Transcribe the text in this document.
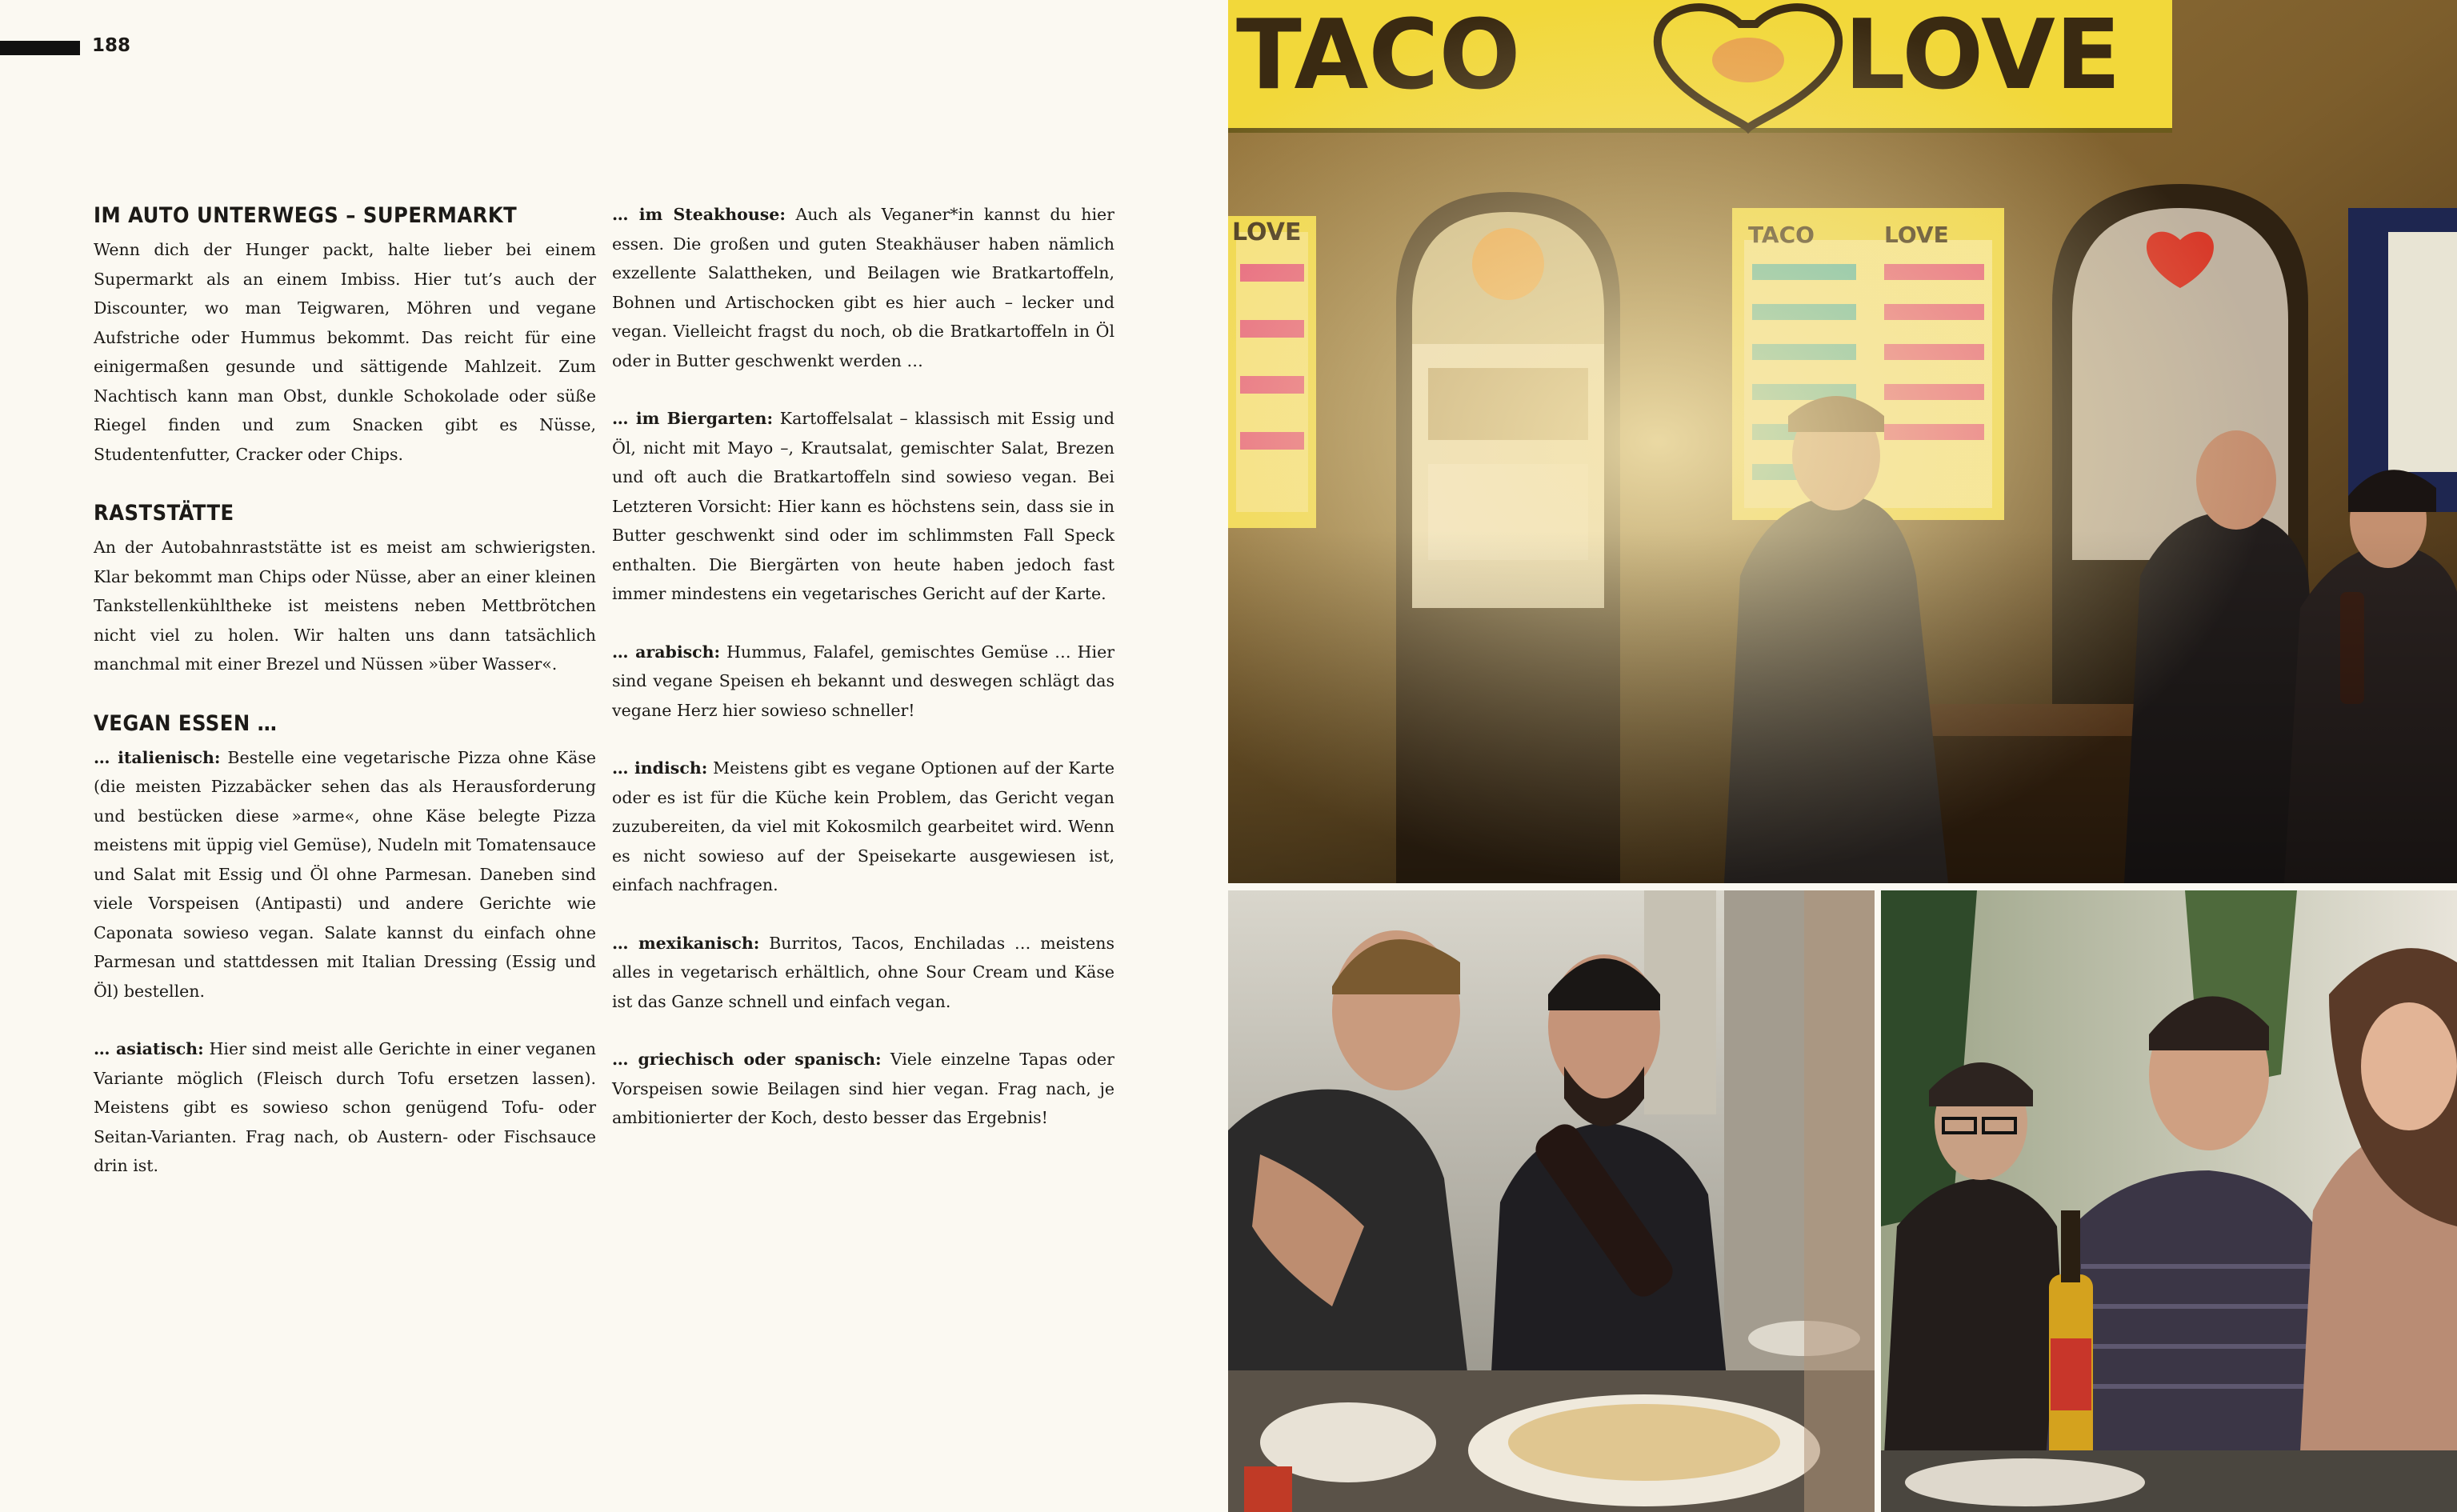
188
IM AUTO UNTERWEGS – SUPERMARKT

Wenn dich der Hunger packt, halte lieber bei einem Supermarkt als an einem Imbiss. Hier tut’s auch der Discounter, wo man Teigwaren, Möhren und vegane Aufstriche oder Hummus bekommt. Das reicht für eine einigermaßen gesunde und sättigende Mahlzeit. Zum Nachtisch kann man Obst, dunkle Schokolade oder süße Riegel finden und zum Snacken gibt es Nüsse, Studentenfutter, Cracker oder Chips.

RASTSTÄTTE

An der Autobahnraststätte ist es meist am schwierigsten. Klar bekommt man Chips oder Nüsse, aber an einer kleinen Tankstellenkühltheke ist meistens neben Mettbrötchen nicht viel zu holen. Wir halten uns dann tatsächlich manchmal mit einer Brezel und Nüssen »über Wasser«.

VEGAN ESSEN …

… italienisch: Bestelle eine vegetarische Pizza ohne Käse (die meisten Pizzabäcker sehen das als Herausforderung und bestücken diese »arme«, ohne Käse belegte Pizza meistens mit üppig viel Gemüse), Nudeln mit Tomatensauce und Salat mit Essig und Öl ohne Parmesan. Daneben sind viele Vorspeisen (Antipasti) und andere Gerichte wie Caponata sowieso vegan. Salate kannst du einfach ohne Parmesan und stattdessen mit Italian Dressing (Essig und Öl) bestellen.

… asiatisch: Hier sind meist alle Gerichte in einer veganen Variante möglich (Fleisch durch Tofu ersetzen lassen). Meistens gibt es sowieso schon genügend Tofu- oder Seitan-Varianten. Frag nach, ob Austern- oder Fischsauce drin ist.

… im Steakhouse: Auch als Veganer*in kannst du hier essen. Die großen und guten Steakhäuser haben nämlich exzellente Salattheken, und Beilagen wie Bratkartoffeln, Bohnen und Artischocken gibt es hier auch – lecker und vegan. Vielleicht fragst du noch, ob die Bratkartoffeln in Öl oder in Butter geschwenkt werden …

… im Biergarten: Kartoffelsalat – klassisch mit Essig und Öl, nicht mit Mayo –, Krautsalat, gemischter Salat, Brezen und oft auch die Bratkartoffeln sind sowieso vegan. Bei Letzteren Vorsicht: Hier kann es höchstens sein, dass sie in Butter geschwenkt sind oder im schlimmsten Fall Speck enthalten. Die Biergärten von heute haben jedoch fast immer mindestens ein vegetarisches Gericht auf der Karte.

… arabisch: Hummus, Falafel, gemischtes Gemüse … Hier sind vegane Speisen eh bekannt und deswegen schlägt das vegane Herz hier sowieso schneller!

… indisch: Meistens gibt es vegane Optionen auf der Karte oder es ist für die Küche kein Problem, das Gericht vegan zuzubereiten, da viel mit Kokosmilch gearbeitet wird. Wenn es nicht sowieso auf der Speisekarte ausgewiesen ist, einfach nachfragen.

… mexikanisch: Burritos, Tacos, Enchiladas … meistens alles in vegetarisch erhältlich, ohne Sour Cream und Käse ist das Ganze schnell und einfach vegan.

… griechisch oder spanisch: Viele einzelne Tapas oder Vorspeisen sowie Beilagen sind hier vegan. Frag nach, je ambitionierter der Koch, desto besser das Ergebnis!
